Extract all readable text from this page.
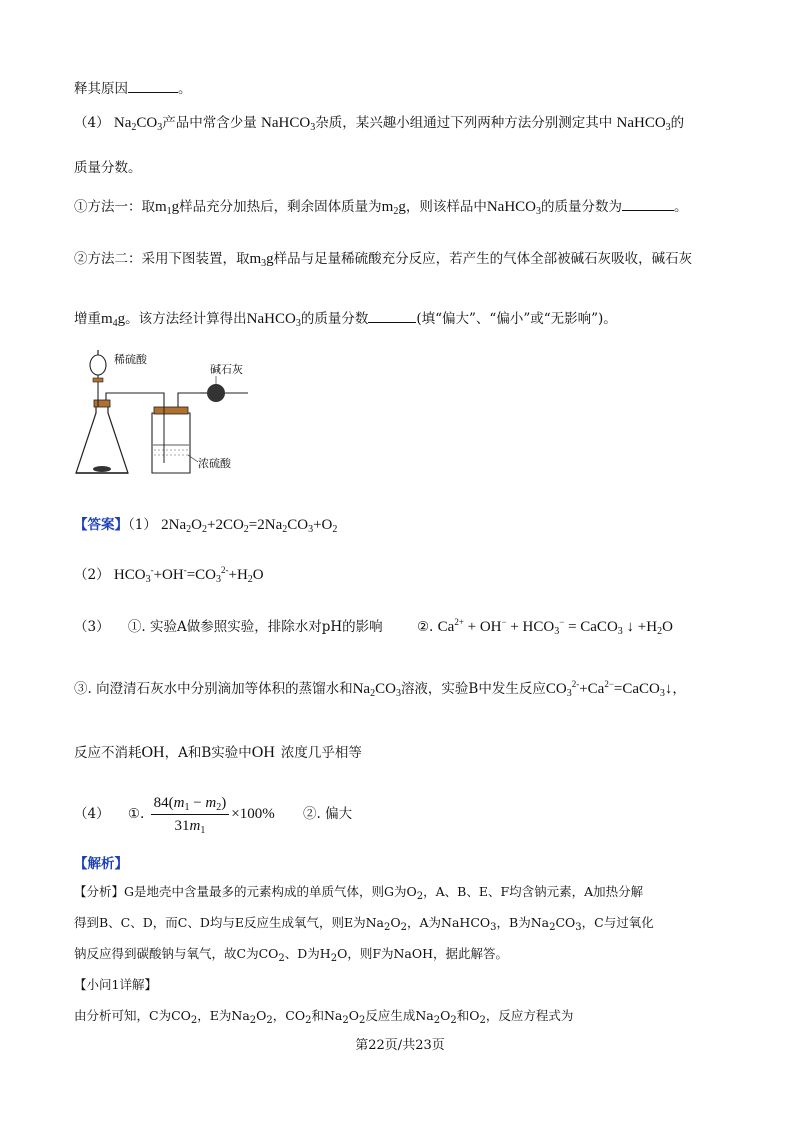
释其原因	。
（4） $Na_2CO_3$产品中常含少量 NaHCO$_3$杂质，某兴趣小组通过下列两种方法分别测定其中 NaHCO$_3$的
质量分数。
①方法一：取$m_1g$样品充分加热后，剩余固体质量为$m_2g$，则该样品中NaHCO$_3$的质量分数为	。
②方法二：采用下图装置，取$m_3g$样品与足量稀硫酸充分反应，若产生的气体全部被碱石灰吸收，碱石灰
增重$m_4g$。该方法经计算得出NaHCO$_3$的质量分数	(填“偏大”、“偏小”或“无影响”)。
稀硫酸
碱石灰
浓硫酸
【答案】（1） $2Na_2O_2+2CO_2=2Na_2CO_3+O_2$
（2） $HCO_3^-+OH^-=CO_3^{2-}+H_2O$
（3） ①. 实验A做参照实验，排除水对pH的影响	②. $Ca^{2+} + OH^- + HCO_3^-$ = CaCO$_3$ ↓ $+H_2O$
③. 向澄清石灰水中分别滴加等体积的蒸馏水和$Na_2CO_3$溶液，实验B中发生反应$CO_3^{2-}+Ca^{2-}=CaCO_3↓$，
反应不消耗OH，A和B实验中OH 浓度几乎相等
（4） ①. $\frac{84(m_1 - m_2)}{31m_1} \times 100\%$ ②. 偏大
【解析】
【分析】G是地壳中含量最多的元素构成的单质气体，则G为$O_2$，A、B、E、F均含钠元素，A加热分解
得到B、C、D，而C、D均与E反应生成氧气，则E为$Na_2O_2$，A为NaHCO$_3$，B为$Na_2CO_3$，C与过氧化
钠反应得到碳酸钠与氧气，故C为$CO_2$、D为$H_2O$，则F为NaOH，据此解答。
【小问1详解】
由分析可知，C为$CO_2$，E为$Na_2O_2$，$CO_2$和$Na_2O_2$反应生成$Na_2O_2$和$O_2$，反应方程式为
第22页/共23页
